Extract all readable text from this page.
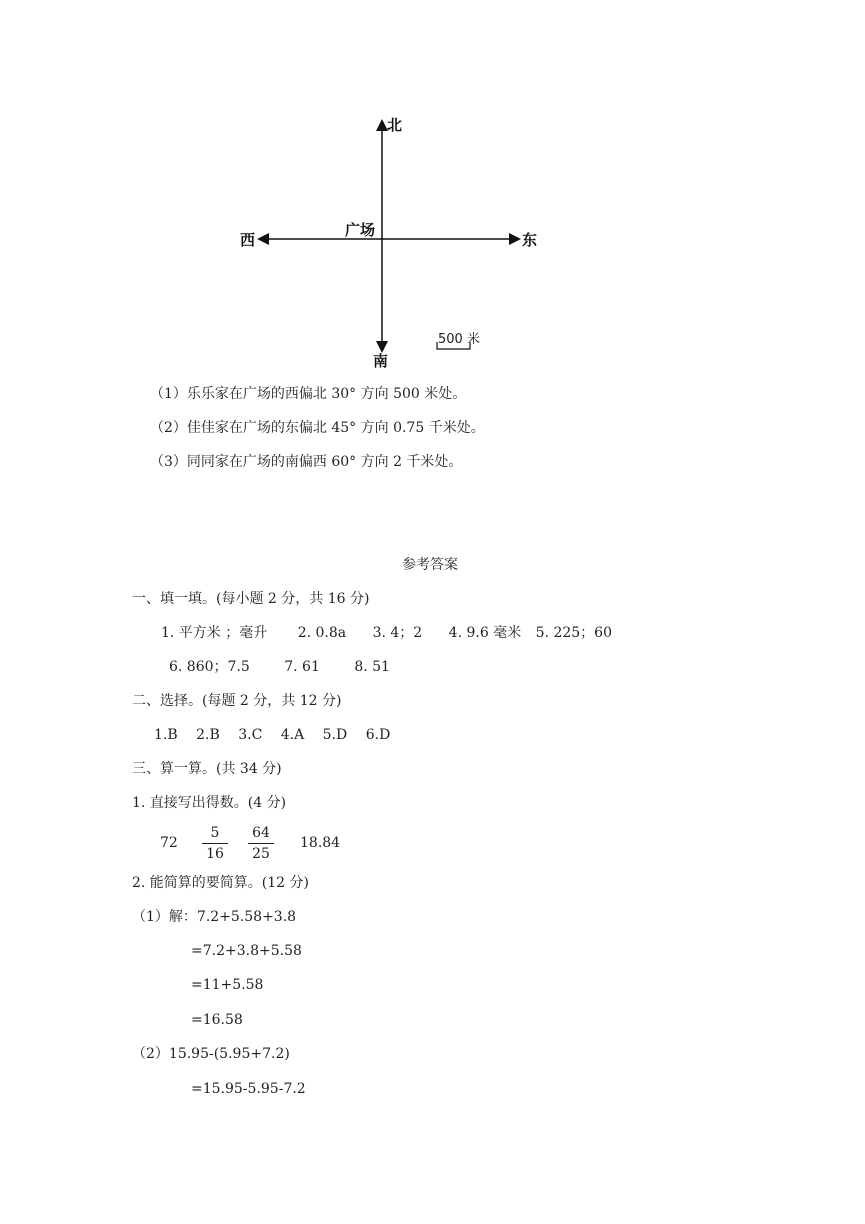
北
南
西	东
广场
500 米
（1）乐乐家在广场的西偏北 30° 方向 500 米处。
（2）佳佳家在广场的东偏北 45° 方向 0.75 千米处。
（3）同同家在广场的南偏西 60° 方向 2 千米处。
参考答案
一、填一填。(每小题 2 分，共 16 分)
1. 平方米 ；毫升 2. 0.8a 3. 4；2 4. 9.6 毫米 5. 225；60
6. 860；7.5 7. 61 8. 51
二、选择。(每题 2 分，共 12 分)
1.B 2.B 3.C 4.A 5.D 6.D
三、算一算。(共 34 分)
1. 直接写出得数。(4 分)
72
5
16
64
25
18.84
2. 能简算的要简算。(12 分)
（1）解：7.2+5.58+3.8
=7.2+3.8+5.58
=11+5.58
=16.58
（2）15.95-(5.95+7.2)
=15.95-5.95-7.2
